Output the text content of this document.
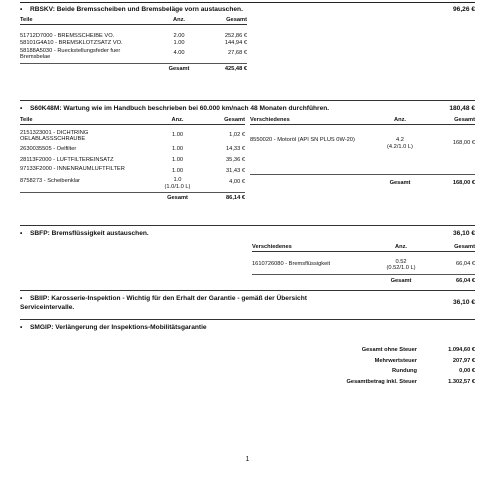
•	RBSKV: Beide Bremsscheiben und Bremsbeläge vorn austauschen.	96,26 €
Teile	Anz.	Gesamt

51712D7000 - BREMSSCHEIBE VO.	2.00	252,86 €
58101G4A10 - BREMSKLOTZSATZ VO.	1.00	144,94 €
58188A5030 - Rueckstellungsfeder fuer Bremsbelae	4.00	27,68 €

	Gesamt	425,48 €
•	S60K48M: Wartung wie im Handbuch beschrieben bei 60.000 km/nach 48 Monaten durchführen.	180,48 €
Teile	Anz.	Gesamt

2151323001 - DICHTRING OELABLASSSCHRAUBE	1.00	1,02 €
2630035505 - Oelfilter	1.00	14,33 €
28113F2000 - LUFTFILTEREINSATZ	1.00	35,36 €
97133F2000 - INNENRAUMLUFTFILTER	1.00	31,43 €
8758273 - Scheibenklar	1.0
(1.0/1.0 L)	4,00 €

	Gesamt	86,14 €
Verschiedenes	Anz.	Gesamt

8550020 - Motoröl (API SN PLUS 0W-20)	4.2
(4.2/1.0 L)	168,00 €

	Gesamt	168,00 €
•	SBFP: Bremsflüssigkeit austauschen.	36,10 €
Verschiedenes	Anz.	Gesamt

1610726080 - Bremsflüssigkeit	0.52
(0.52/1.0 L)	66,04 €

	Gesamt	66,04 €
•	SBIIP: Karosserie-Inspektion - Wichtig für den Erhalt der Garantie - gemäß der Übersicht
Serviceintervalle.
36,10 €
•	SMGIP: Verlängerung der Inspektions-Mobilitätsgarantie
Gesamt ohne Steuer	1.094,60 €
Mehrwertsteuer	207,97 €
Rundung	0,00 €
Gesamtbetrag inkl. Steuer	1.302,57 €
1
